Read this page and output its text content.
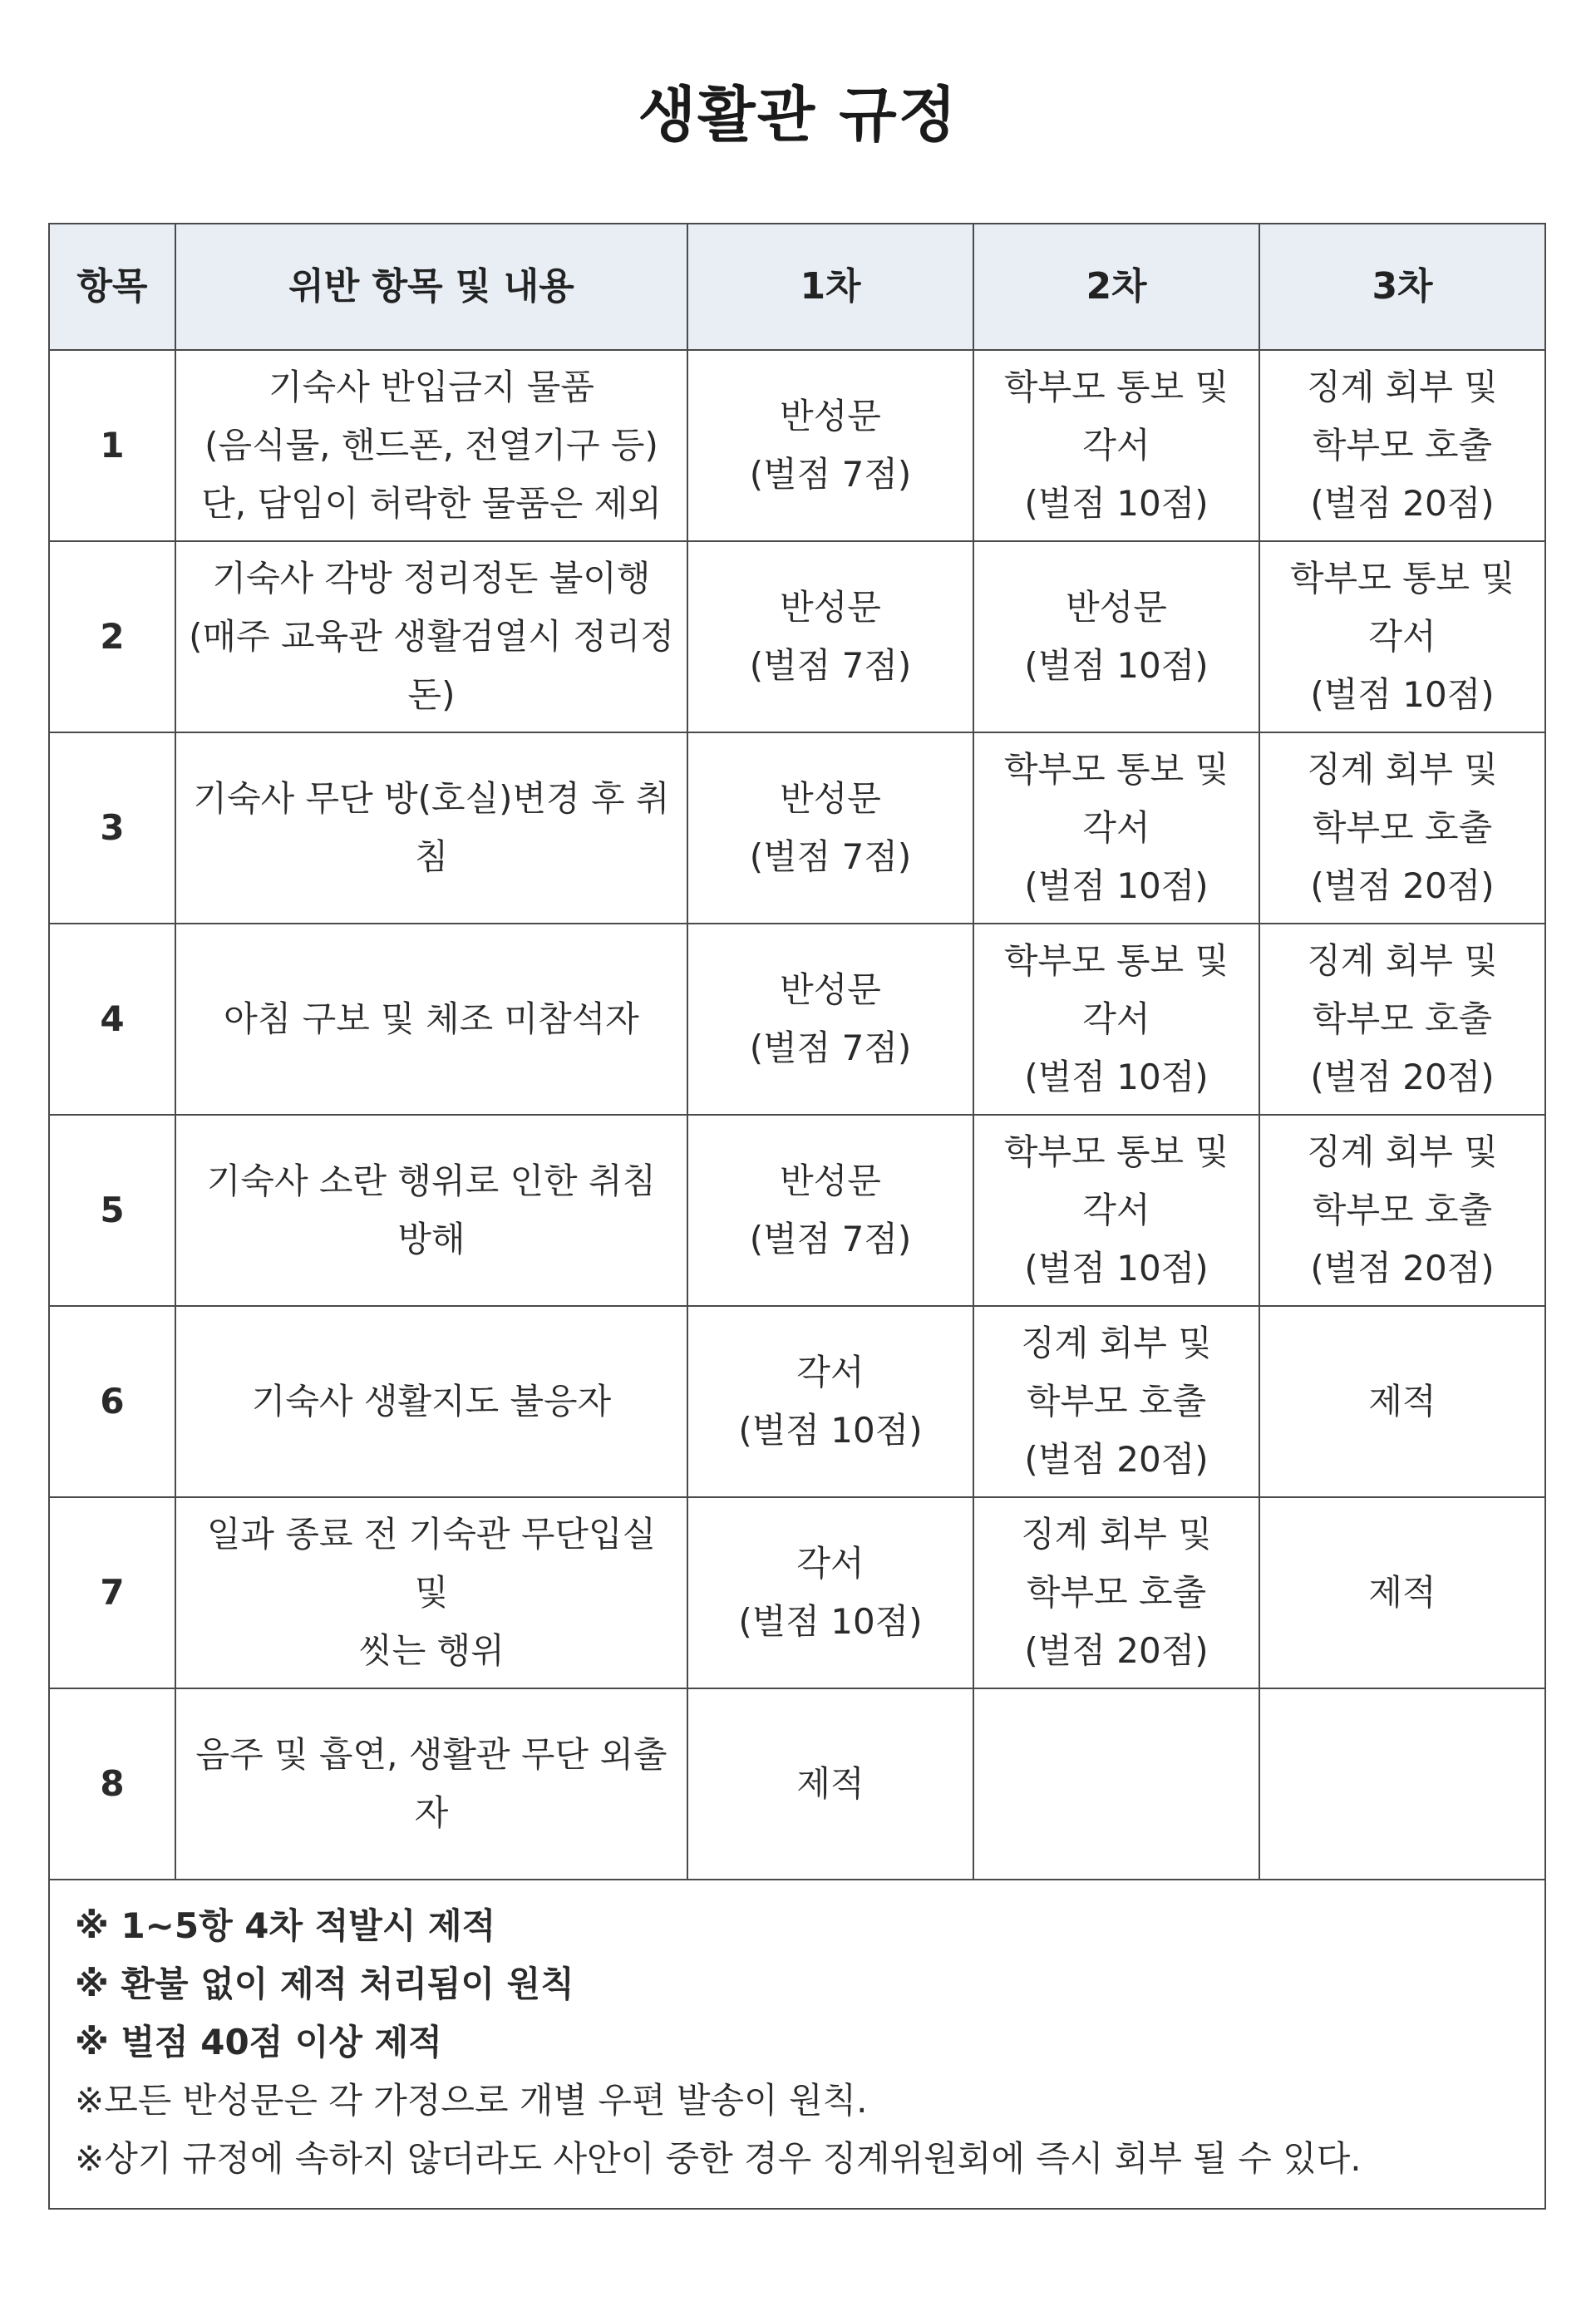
생활관 규정
항목	위반 항목 및 내용	1차	2차	3차
1	기숙사 반입금지 물품
(음식물, 핸드폰, 전열기구 등)
단, 담임이 허락한 물품은 제외	반성문
(벌점 7점)	학부모 통보 및
각서
(벌점 10점)	징계 회부 및
학부모 호출
(벌점 20점)

2	기숙사 각방 정리정돈 불이행
(매주 교육관 생활검열시 정리정
돈)	반성문
(벌점 7점)	반성문
(벌점 10점)	학부모 통보 및
각서
(벌점 10점)

3	기숙사 무단 방(호실)변경 후 취
침	반성문
(벌점 7점)	학부모 통보 및
각서
(벌점 10점)	징계 회부 및
학부모 호출
(벌점 20점)

4	아침 구보 및 체조 미참석자	반성문
(벌점 7점)	학부모 통보 및
각서
(벌점 10점)	징계 회부 및
학부모 호출
(벌점 20점)

5	기숙사 소란 행위로 인한 취침 방해	반성문
(벌점 7점)	학부모 통보 및
각서
(벌점 10점)	징계 회부 및
학부모 호출
(벌점 20점)

6	기숙사 생활지도 불응자	각서
(벌점 10점)	징계 회부 및
학부모 호출
(벌점 20점)	제적

7	일과 종료 전 기숙관 무단입실 및
씻는 행위	각서
(벌점 10점)	징계 회부 및
학부모 호출
(벌점 20점)	제적

8	음주 및 흡연, 생활관 무단 외출
자	제적		

※ 1~5항 4차 적발시 제적
※ 환불 없이 제적 처리됨이 원칙
※ 벌점 40점 이상 제적
※모든 반성문은 각 가정으로 개별 우편 발송이 원칙.
※상기 규정에 속하지 않더라도 사안이 중한 경우 징계위원회에 즉시 회부 될 수 있다.				
